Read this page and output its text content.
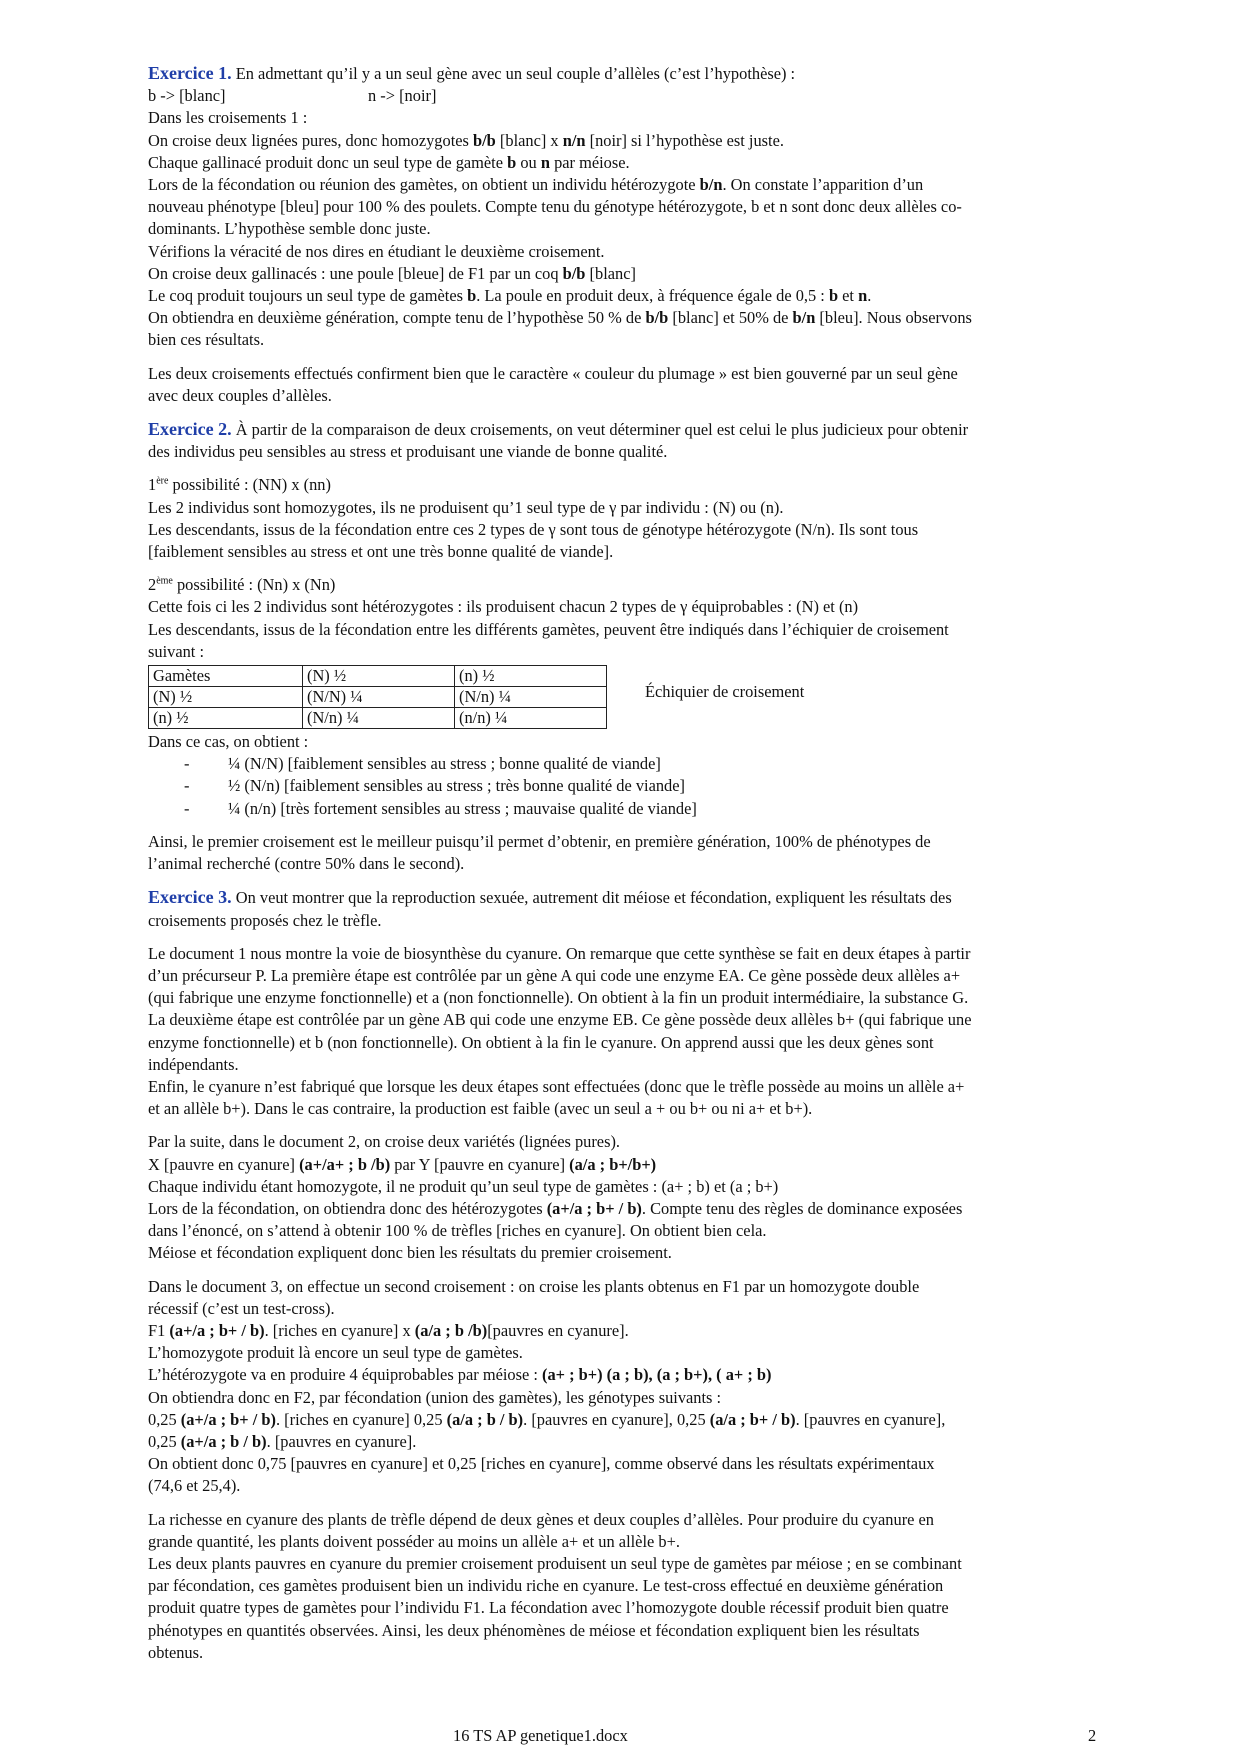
Exercice 1. En admettant qu’il y a un seul gène avec un seul couple d’allèles (c’est l’hypothèse) :
b -> [blanc]	n -> [noir]
Dans les croisements 1 :
On croise deux lignées pures, donc homozygotes b/b [blanc] x n/n [noir] si l’hypothèse est juste.
Chaque gallinacé produit donc un seul type de gamète b ou n par méiose.
Lors de la fécondation ou réunion des gamètes, on obtient un individu hétérozygote b/n. On constate l’apparition d’un
nouveau phénotype [bleu] pour 100 % des poulets. Compte tenu du génotype hétérozygote, b et n sont donc deux allèles co-
dominants. L’hypothèse semble donc juste.
Vérifions la véracité de nos dires en étudiant le deuxième croisement.
On croise deux gallinacés : une poule [bleue] de F1 par un coq b/b [blanc]
Le coq produit toujours un seul type de gamètes b. La poule en produit deux, à fréquence égale de 0,5 : b et n.
On obtiendra en deuxième génération, compte tenu de l’hypothèse 50 % de b/b [blanc] et 50% de b/n [bleu]. Nous observons
bien ces résultats.
Les deux croisements effectués confirment bien que le caractère « couleur du plumage » est bien gouverné par un seul gène
avec deux couples d’allèles.
Exercice 2. À partir de la comparaison de deux croisements, on veut déterminer quel est celui le plus judicieux pour obtenir
des individus peu sensibles au stress et produisant une viande de bonne qualité.
1ère possibilité : (NN) x (nn)
Les 2 individus sont homozygotes, ils ne produisent qu’1 seul type de γ par individu : (N) ou (n).
Les descendants, issus de la fécondation entre ces 2 types de γ sont tous de génotype hétérozygote (N/n). Ils sont tous
[faiblement sensibles au stress et ont une très bonne qualité de viande].
2ème possibilité : (Nn) x (Nn)
Cette fois ci les 2 individus sont hétérozygotes : ils produisent chacun 2 types de γ équiprobables : (N) et (n)
Les descendants, issus de la fécondation entre les différents gamètes, peuvent être indiqués dans l’échiquier de croisement
suivant :
Gamètes	(N) ½	(n) ½
(N) ½	(N/N) ¼	(N/n) ¼
(n) ½	(N/n) ¼	(n/n) ¼
Échiquier de croisement
Dans ce cas, on obtient :
- ¼ (N/N) [faiblement sensibles au stress ; bonne qualité de viande]
- ½ (N/n) [faiblement sensibles au stress ; très bonne qualité de viande]
- ¼ (n/n) [très fortement sensibles au stress ; mauvaise qualité de viande]
Ainsi, le premier croisement est le meilleur puisqu’il permet d’obtenir, en première génération, 100% de phénotypes de
l’animal recherché (contre 50% dans le second).
Exercice 3. On veut montrer que la reproduction sexuée, autrement dit méiose et fécondation, expliquent les résultats des
croisements proposés chez le trèfle.
Le document 1 nous montre la voie de biosynthèse du cyanure. On remarque que cette synthèse se fait en deux étapes à partir
d’un précurseur P. La première étape est contrôlée par un gène A qui code une enzyme EA. Ce gène possède deux allèles a+
(qui fabrique une enzyme fonctionnelle) et a (non fonctionnelle). On obtient à la fin un produit intermédiaire, la substance G.
La deuxième étape est contrôlée par un gène AB qui code une enzyme EB. Ce gène possède deux allèles b+ (qui fabrique une
enzyme fonctionnelle) et b (non fonctionnelle). On obtient à la fin le cyanure. On apprend aussi que les deux gènes sont
indépendants.
Enfin, le cyanure n’est fabriqué que lorsque les deux étapes sont effectuées (donc que le trèfle possède au moins un allèle a+
et an allèle b+). Dans le cas contraire, la production est faible (avec un seul a + ou b+ ou ni a+ et b+).
Par la suite, dans le document 2, on croise deux variétés (lignées pures).
X [pauvre en cyanure] (a+/a+ ; b /b) par Y [pauvre en cyanure] (a/a ; b+/b+)
Chaque individu étant homozygote, il ne produit qu’un seul type de gamètes : (a+ ; b) et (a ; b+)
Lors de la fécondation, on obtiendra donc des hétérozygotes (a+/a ; b+ / b). Compte tenu des règles de dominance exposées
dans l’énoncé, on s’attend à obtenir 100 % de trèfles [riches en cyanure]. On obtient bien cela.
Méiose et fécondation expliquent donc bien les résultats du premier croisement.
Dans le document 3, on effectue un second croisement : on croise les plants obtenus en F1 par un homozygote double
récessif (c’est un test-cross).
F1 (a+/a ; b+ / b). [riches en cyanure] x (a/a ; b /b)[pauvres en cyanure].
L’homozygote produit là encore un seul type de gamètes.
L’hétérozygote va en produire 4 équiprobables par méiose : (a+ ; b+) (a ; b), (a ; b+), ( a+ ; b)
On obtiendra donc en F2, par fécondation (union des gamètes), les génotypes suivants :
0,25 (a+/a ; b+ / b). [riches en cyanure] 0,25 (a/a ; b / b). [pauvres en cyanure], 0,25 (a/a ; b+ / b). [pauvres en cyanure],
0,25 (a+/a ; b / b). [pauvres en cyanure].
On obtient donc 0,75 [pauvres en cyanure] et 0,25 [riches en cyanure], comme observé dans les résultats expérimentaux
(74,6 et 25,4).
La richesse en cyanure des plants de trèfle dépend de deux gènes et deux couples d’allèles. Pour produire du cyanure en
grande quantité, les plants doivent posséder au moins un allèle a+ et un allèle b+.
Les deux plants pauvres en cyanure du premier croisement produisent un seul type de gamètes par méiose ; en se combinant
par fécondation, ces gamètes produisent bien un individu riche en cyanure. Le test-cross effectué en deuxième génération
produit quatre types de gamètes pour l’individu F1. La fécondation avec l’homozygote double récessif produit bien quatre
phénotypes en quantités observées. Ainsi, les deux phénomènes de méiose et fécondation expliquent bien les résultats
obtenus.
16 TS AP genetique1.docx	2
